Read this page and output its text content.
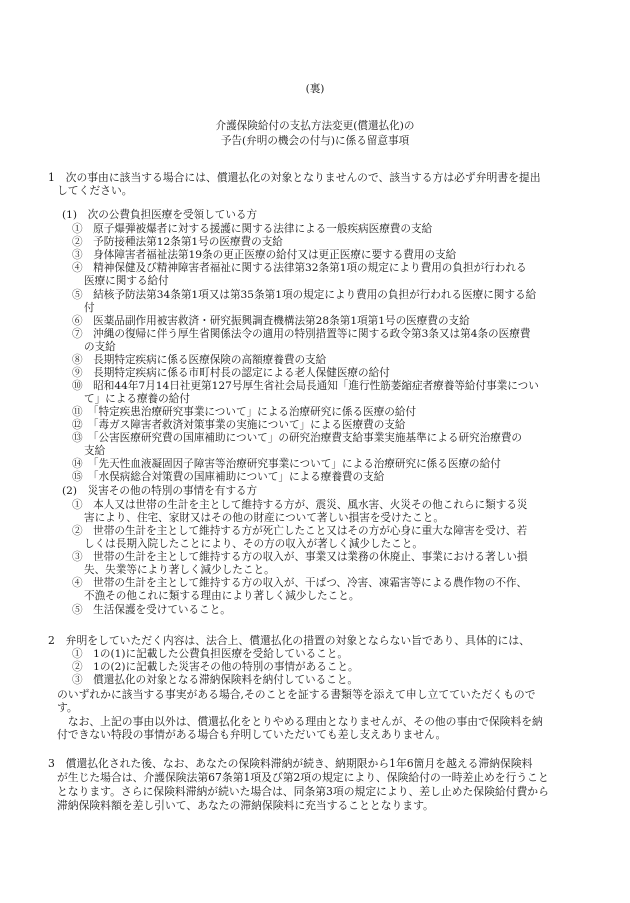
(裏)
介護保険給付の支払方法変更(償還払化)の
予告(弁明の機会の付与)に係る留意事項
1　次の事由に該当する場合には、償還払化の対象となりませんので、該当する方は必ず弁明書を提出
してください。
(1)　次の公費負担医療を受領している方
①　原子爆弾被爆者に対する援護に関する法律による一般疾病医療費の支給
②　予防接種法第12条第1号の医療費の支給
③　身体障害者福祉法第19条の更正医療の給付又は更正医療に要する費用の支給
④　精神保健及び精神障害者福祉に関する法律第32条第1項の規定により費用の負担が行われる
医療に関する給付
⑤　結核予防法第34条第1項又は第35条第1項の規定により費用の負担が行われる医療に関する給
付
⑥　医薬品副作用被害救済・研究振興調査機構法第28条第1項第1号の医療費の支給
⑦　沖縄の復帰に伴う厚生省関係法令の適用の特別措置等に関する政令第3条又は第4条の医療費
の支給
⑧　長期特定疾病に係る医療保険の高額療養費の支給
⑨　長期特定疾病に係る市町村長の認定による老人保健医療の給付
⑩　昭和44年7月14日社更第127号厚生省社会局長通知「進行性筋萎縮症者療養等給付事業につい
て」による療養の給付
⑪　「特定疾患治療研究事業について」による治療研究に係る医療の給付
⑫　「毒ガス障害者救済対策事業の実施について」による医療費の支給
⑬　「公害医療研究費の国庫補助について」の研究治療費支給事業実施基準による研究治療費の
支給
⑭　「先天性血液凝固因子障害等治療研究事業について」による治療研究に係る医療の給付
⑮　「水俣病総合対策費の国庫補助について」による療養費の支給
(2)　災害その他の特別の事情を有する方
①　本人又は世帯の生計を主として維持する方が、震災、風水害、火災その他これらに類する災
害により、住宅、家財又はその他の財産について著しい損害を受けたこと。
②　世帯の生計を主として維持する方が死亡したこと又はその方が心身に重大な障害を受け、若
しくは長期入院したことにより、その方の収入が著しく減少したこと。
③　世帯の生計を主として維持する方の収入が、事業又は業務の休廃止、事業における著しい損
失、失業等により著しく減少したこと。
④　世帯の生計を主として維持する方の収入が、干ばつ、冷害、凍霜害等による農作物の不作、
不漁その他これに類する理由により著しく減少したこと。
⑤　生活保護を受けていること。
2　弁明をしていただく内容は、法合上、償還払化の措置の対象とならない旨であり、具体的には、
①　1の(1)に記載した公費負担医療を受給していること。
②　1の(2)に記載した災害その他の特別の事情があること。
③　償還払化の対象となる滞納保険料を納付していること。
のいずれかに該当する事実がある場合,そのことを証する書類等を添えて申し立てていただくもので
す。
　なお、上記の事由以外は、償還払化をとりやめる理由となりませんが、その他の事由で保険料を納
付できない特段の事情がある場合も弁明していただいても差し支えありません。
3　償還払化された後、なお、あなたの保険料滞納が続き、納期限から1年6箇月を越える滞納保険料
が生じた場合は、介護保険法第67条第1項及び第2項の規定により、保険給付の一時差止めを行うこと
となります。さらに保険料滞納が続いた場合は、同条第3項の規定により、差し止めた保険給付費から
滞納保険料額を差し引いて、あなたの滞納保険料に充当することとなります。
